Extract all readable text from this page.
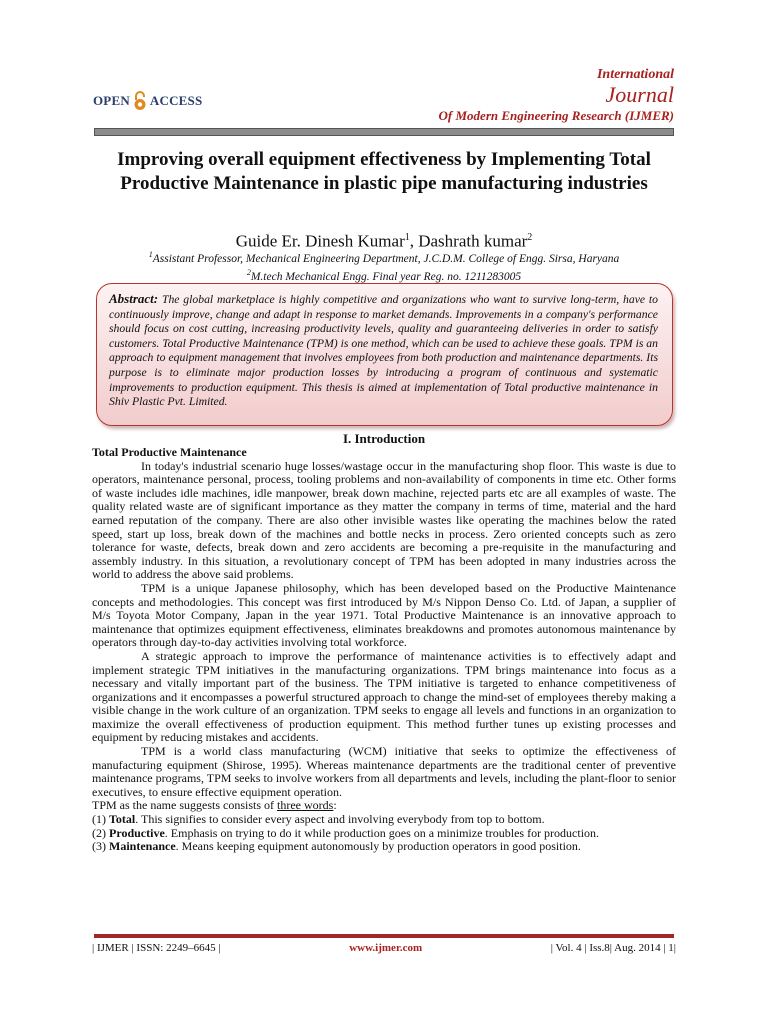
OPEN ACCESS
International
Journal
Of Modern Engineering Research (IJMER)
Improving overall equipment effectiveness by Implementing Total Productive Maintenance in plastic pipe manufacturing industries
Guide Er. Dinesh Kumar$^1$, Dashrath kumar$^2$
$^1$Assistant Professor, Mechanical Engineering Department, J.C.D.M. College of Engg. Sirsa, Haryana
$^2$M.tech Mechanical Engg. Final year Reg. no. 1211283005
Abstract: The global marketplace is highly competitive and organizations who want to survive long-term, have to continuously improve, change and adapt in response to market demands. Improvements in a company's performance should focus on cost cutting, increasing productivity levels, quality and guaranteeing deliveries in order to satisfy customers. Total Productive Maintenance (TPM) is one method, which can be used to achieve these goals. TPM is an approach to equipment management that involves employees from both production and maintenance departments. Its purpose is to eliminate major production losses by introducing a program of continuous and systematic improvements to production equipment. This thesis is aimed at implementation of Total productive maintenance in Shiv Plastic Pvt. Limited.
I. Introduction
Total Productive Maintenance

In today's industrial scenario huge losses/wastage occur in the manufacturing shop floor. This waste is due to operators, maintenance personal, process, tooling problems and non-availability of components in time etc. Other forms of waste includes idle machines, idle manpower, break down machine, rejected parts etc are all examples of waste. The quality related waste are of significant importance as they matter the company in terms of time, material and the hard earned reputation of the company. There are also other invisible wastes like operating the machines below the rated speed, start up loss, break down of the machines and bottle necks in process. Zero oriented concepts such as zero tolerance for waste, defects, break down and zero accidents are becoming a pre-requisite in the manufacturing and assembly industry. In this situation, a revolutionary concept of TPM has been adopted in many industries across the world to address the above said problems.

TPM is a unique Japanese philosophy, which has been developed based on the Productive Maintenance concepts and methodologies. This concept was first introduced by M/s Nippon Denso Co. Ltd. of Japan, a supplier of M/s Toyota Motor Company, Japan in the year 1971. Total Productive Maintenance is an innovative approach to maintenance that optimizes equipment effectiveness, eliminates breakdowns and promotes autonomous maintenance by operators through day-to-day activities involving total workforce.

A strategic approach to improve the performance of maintenance activities is to effectively adapt and implement strategic TPM initiatives in the manufacturing organizations. TPM brings maintenance into focus as a necessary and vitally important part of the business. The TPM initiative is targeted to enhance competitiveness of organizations and it encompasses a powerful structured approach to change the mind-set of employees thereby making a visible change in the work culture of an organization. TPM seeks to engage all levels and functions in an organization to maximize the overall effectiveness of production equipment. This method further tunes up existing processes and equipment by reducing mistakes and accidents.

TPM is a world class manufacturing (WCM) initiative that seeks to optimize the effectiveness of manufacturing equipment (Shirose, 1995). Whereas maintenance departments are the traditional center of preventive maintenance programs, TPM seeks to involve workers from all departments and levels, including the plant-floor to senior executives, to ensure effective equipment operation.

TPM as the name suggests consists of three words:

(1) Total. This signifies to consider every aspect and involving everybody from top to bottom.

(2) Productive. Emphasis on trying to do it while production goes on a minimize troubles for production.

(3) Maintenance. Means keeping equipment autonomously by production operators in good position.

| IJMER | ISSN: 2249–6645 |	www.ijmer.com	| Vol. 4 | Iss.8| Aug. 2014 | 1|
